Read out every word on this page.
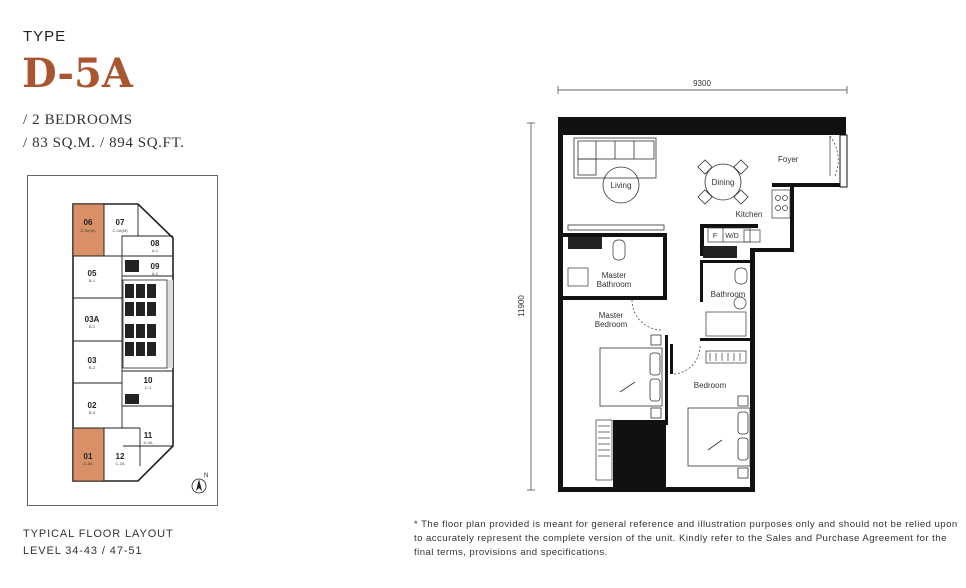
TYPE
D-5A
/ 2 BEDROOMS
/ 83 SQ.M. / 894 SQ.FT.
06	07
08
09
05
03A
03
10
02
11
01	12
D-5A(M)	C-2A(M)
A-1
A-1
B-1
B-1
B-2
C-1
B-3
D-4A
D-5A	C-2A
N
TYPICAL FLOOR LAYOUT
LEVEL 34-43 / 47-51
9300
11900
Living	Dining
Foyer
Kitchen
F W/D
Master
Bathroom
Bathroom
Master
Bedroom
Bedroom
* The floor plan provided is meant for general reference and illustration purposes only and should not be relied upon to accurately represent the complete version of the unit. Kindly refer to the Sales and Purchase Agreement for the final terms, provisions and specifications.
